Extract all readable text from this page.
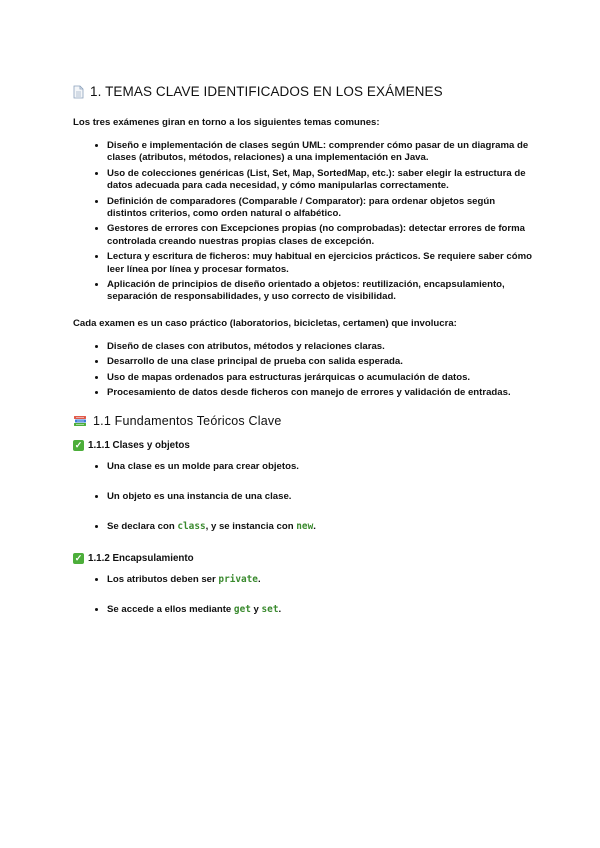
1. TEMAS CLAVE IDENTIFICADOS EN LOS EXÁMENES

Los tres exámenes giran en torno a los siguientes temas comunes:

• Diseño e implementación de clases según UML: comprender cómo pasar de un diagrama de clases (atributos, métodos, relaciones) a una implementación en Java.
• Uso de colecciones genéricas (List, Set, Map, SortedMap, etc.): saber elegir la estructura de datos adecuada para cada necesidad, y cómo manipularlas correctamente.
• Definición de comparadores (Comparable / Comparator): para ordenar objetos según distintos criterios, como orden natural o alfabético.
• Gestores de errores con Excepciones propias (no comprobadas): detectar errores de forma controlada creando nuestras propias clases de excepción.
• Lectura y escritura de ficheros: muy habitual en ejercicios prácticos. Se requiere saber cómo leer línea por línea y procesar formatos.
• Aplicación de principios de diseño orientado a objetos: reutilización, encapsulamiento, separación de responsabilidades, y uso correcto de visibilidad.

Cada examen es un caso práctico (laboratorios, bicicletas, certamen) que involucra:

• Diseño de clases con atributos, métodos y relaciones claras.
• Desarrollo de una clase principal de prueba con salida esperada.
• Uso de mapas ordenados para estructuras jerárquicas o acumulación de datos.
• Procesamiento de datos desde ficheros con manejo de errores y validación de entradas.
1.1 Fundamentos Teóricos Clave
✓ 1.1.1 Clases y objetos
• Una clase es un molde para crear objetos.
• Un objeto es una instancia de una clase.
• Se declara con class, y se instancia con new.
✓ 1.1.2 Encapsulamiento
• Los atributos deben ser private.
• Se accede a ellos mediante get y set.
